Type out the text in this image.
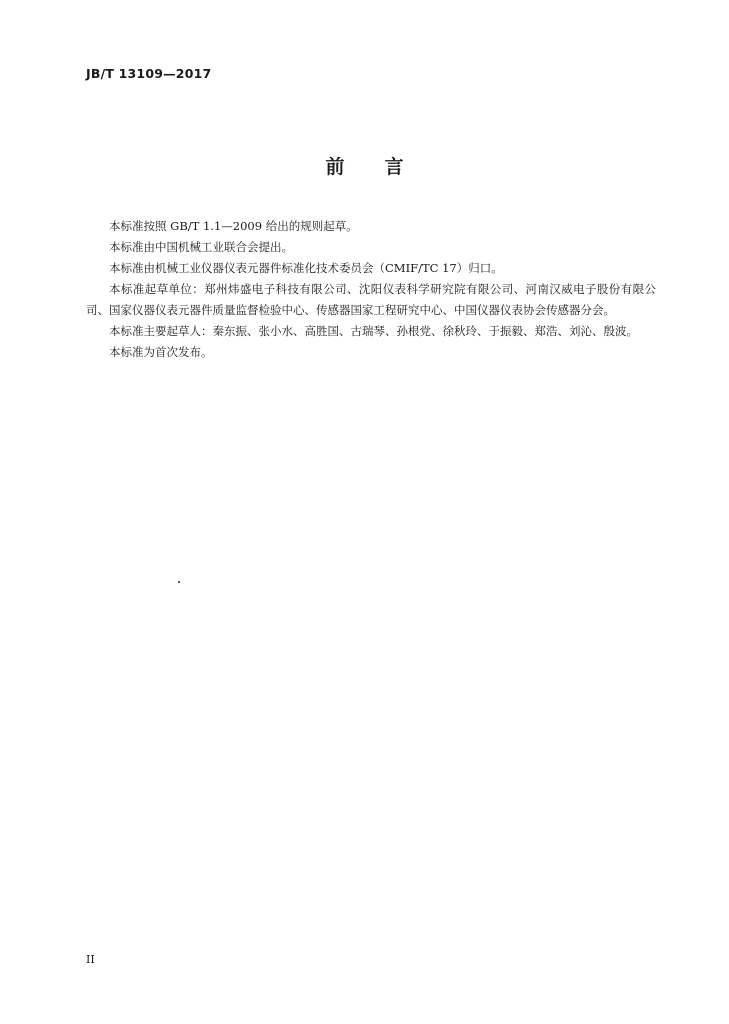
JB/T 13109—2017
前 言

本标准按照 GB/T 1.1—2009 给出的规则起草。

本标准由中国机械工业联合会提出。

本标准由机械工业仪器仪表元器件标准化技术委员会（CMIF/TC 17）归口。

本标准起草单位：郑州炜盛电子科技有限公司、沈阳仪表科学研究院有限公司、河南汉威电子股份有限公司、国家仪器仪表元器件质量监督检验中心、传感器国家工程研究中心、中国仪器仪表协会传感器分会。

本标准主要起草人：秦东振、张小水、高胜国、古瑞琴、孙根党、徐秋玲、于振毅、郑浩、刘沁、殷波。

本标准为首次发布。

II
